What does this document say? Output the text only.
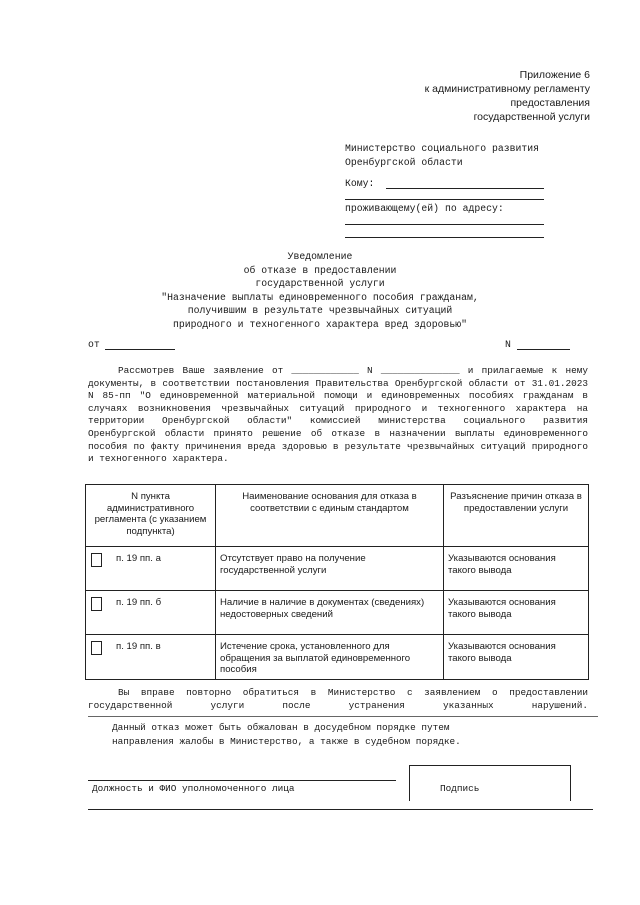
Приложение 6
к административному регламенту
предоставления
государственной услуги
Министерство социального развития
Оренбургской области
Кому:
проживающему(ей) по адресу:
Уведомление
об отказе в предоставлении
государственной услуги
"Назначение выплаты единовременного пособия гражданам,
получившим в результате чрезвычайных ситуаций
природного и техногенного характера вред здоровью"
от	N

Рассмотрев Ваше заявление от ____________ N ______________ и прилагаемые к нему документы, в соответствии постановления Правительства Оренбургской области от 31.01.2023 N 85-пп "О единовременной материальной помощи и единовременных пособиях гражданам в случаях возникновения чрезвычайных ситуаций природного и техногенного характера на территории Оренбургской области" комиссией министерства социального развития Оренбургской области принято решение об отказе в назначении выплаты единовременного пособия по факту причинения вреда здоровью в результате чрезвычайных ситуаций природного и техногенного характера.

N пункта административного регламента (с указанием подпункта)	Наименование основания для отказа в соответствии с единым стандартом	Разъяснение причин отказа в предоставлении услуги
п. 19 пп. а	Отсутствует право на получение государственной услуги	Указываются основания такого вывода
п. 19 пп. б	Наличие в наличие в документах (сведениях) недостоверных сведений	Указываются основания такого вывода
п. 19 пп. в	Истечение срока, установленного для обращения за выплатой единовременного пособия	Указываются основания такого вывода

Вы вправе повторно обратиться в Министерство с заявлением о предоставлении государственной услуги после устранения указанных нарушений.

Данный отказ может быть обжалован в досудебном порядке путем
направления жалобы в Министерство, а также в судебном порядке.
Должность и ФИО уполномоченного лица	Подпись
